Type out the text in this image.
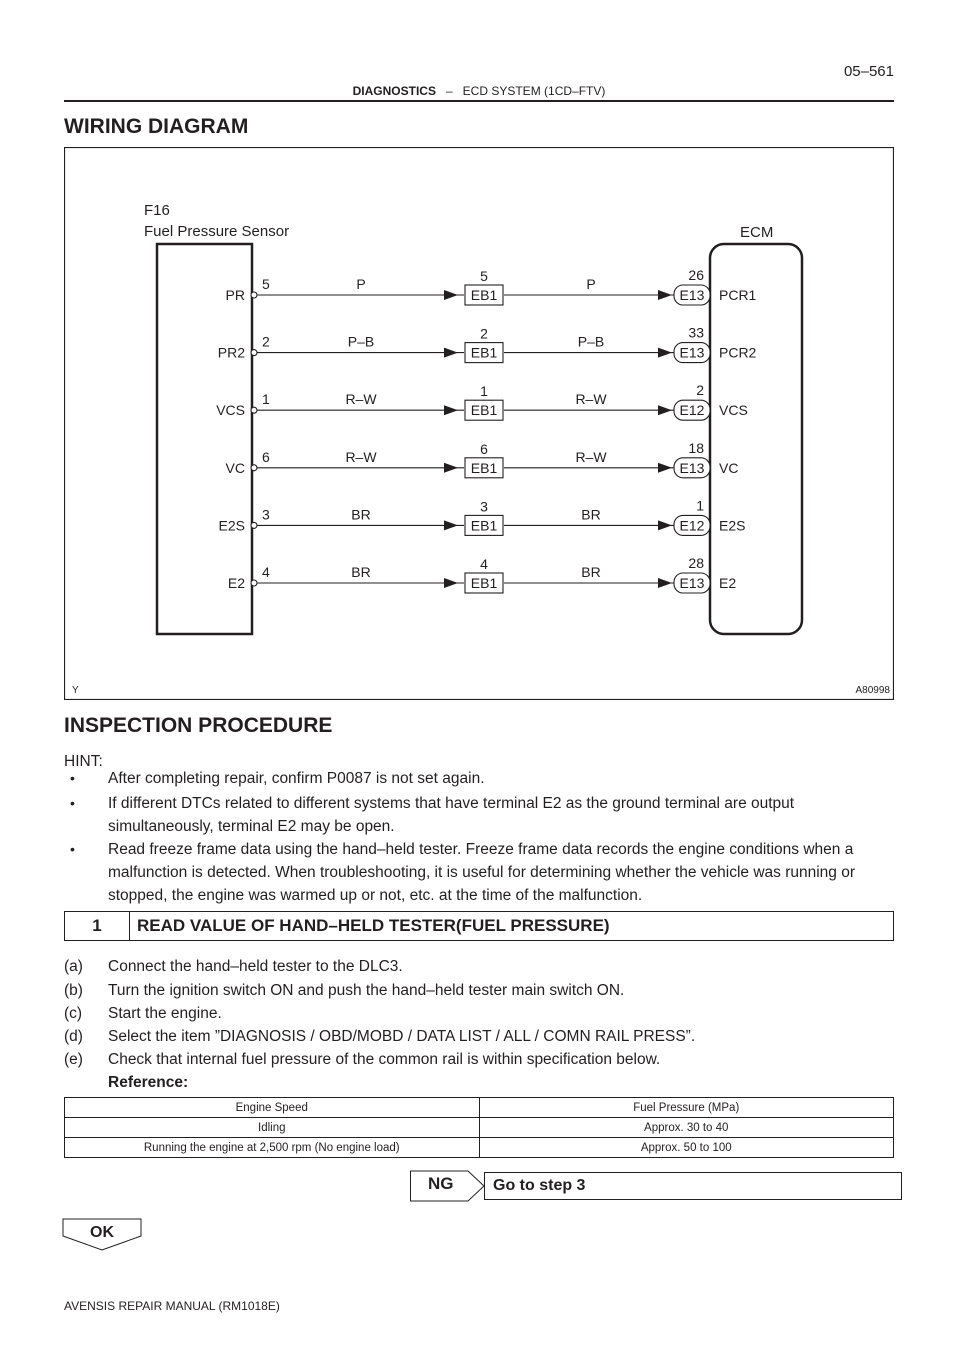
05–561
DIAGNOSTICS – ECD SYSTEM (1CD–FTV)
WIRING DIAGRAM
F16
Fuel Pressure Sensor	ECM
PR
5	P
EB1
5	P
E13
26
PCR1
PR2
2	P–B
EB1
2	P–B
E13
33
PCR2
VCS
1	R–W
EB1
1	R–W
E12
2
VCS
VC
6	R–W
EB1
6	R–W
E13
18
VC
E2S
3	BR
EB1
3	BR
E12
1
E2S
E2
4	BR
EB1
4	BR
E13
28
E2
Y	A80998
INSPECTION PROCEDURE
HINT:
•	After completing repair, confirm P0087 is not set again.
•	If different DTCs related to different systems that have terminal E2 as the ground terminal are output simultaneously, terminal E2 may be open.
Read freeze frame data using the hand–held tester. Freeze frame data records the engine conditions when a malfunction is detected. When troubleshooting, it is useful for determining whether the vehicle was running or stopped, the engine was warmed up or not, etc. at the time of the malfunction.
•
1	READ VALUE OF HAND–HELD TESTER(FUEL PRESSURE)
(a) Connect the hand–held tester to the DLC3.
(b) Turn the ignition switch ON and push the hand–held tester main switch ON.
(c) Start the engine.
(d) Select the item ”DIAGNOSIS / OBD/MOBD / DATA LIST / ALL / COMN RAIL PRESS”.
(e) Check that internal fuel pressure of the common rail is within specification below.
Reference:
Engine Speed	Fuel Pressure (MPa)
Idling	Approx. 30 to 40
Running the engine at 2,500 rpm (No engine load)	Approx. 50 to 100
NG	Go to step 3
OK
AVENSIS REPAIR MANUAL (RM1018E)
